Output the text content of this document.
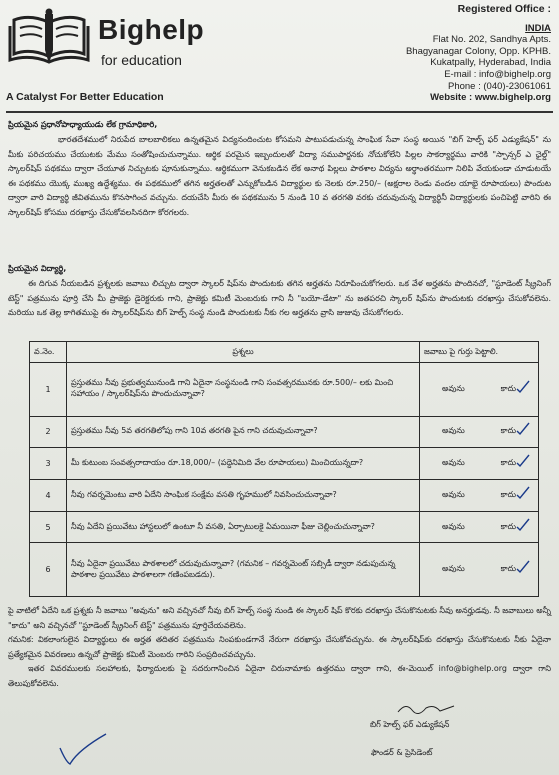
Bighelp
for education
A Catalyst For Better Education
Registered Office :
INDIA
Flat No. 202, Sandhya Apts.
Bhagyanagar Colony, Opp. KPHB.
Kukatpally, Hyderabad, India
E-mail : info@bighelp.org
Phone : (040)-23061061
Website : www.bighelp.org
ప్రియమైన ప్రధానోపాధ్యాయుడు లేక గ్రామాధికారి,
భారతదేశములో నిరుపేద బాలబాలికలు ఉన్నతమైన విద్యనందించుట కోసమని పాటుపడుచున్న సాంఘిక సేవా సంస్థ అయిన "బిగ్ హెల్ప్ ఫర్ ఎడ్యుకేషన్" ను మీకు పరిచయము చేయుటకు మేము సంతోషించుచున్నాము. ఆర్థిక పరమైన ఇబ్బందులతో విద్యా సముపార్జనకు నోచుకోలేని పిల్లల సాకర్యార్థము వారికి "స్పాన్సర్ ఎ ఛైల్డ్" స్కాలర్‌షిప్ పథకము ద్వారా చేయూత నిచ్చుటకు పూనుకున్నాము. ఆర్థికముగా వెనుకబడిన లేక అనాథ పిల్లలు పాఠశాల విద్యను అర్థాంతరముగా నిలిపి వేయకుండా చూడుటయే ఈ పథకము యొక్క ముఖ్య ఉద్దేశ్యము. ఈ పథకములో తగిన అర్హతలతో ఎన్నుకోబడిన విద్యార్థుల కు నెలకు రూ.250/– (అక్షరాల రెండు వందల యాభై రూపాయలు) పొందుట ద్వారా వారి విద్యార్థి జీవితమును కొనసాగించ వచ్చును. దయచేసి మీరు ఈ పథకమును 5 నుండి 10 వ తరగతి వరకు చదువుచున్న విద్యార్థినీ విద్యార్థులకు పంచిపెట్టి వారిని ఈ స్కాలర్‌షిప్ కోసము దరఖాస్తు చేసుకోవలసినదిగా కోరగలరు.
ప్రియమైన విద్యార్థి,
ఈ దిగువ నీయబడిన ప్రశ్నలకు జవాబు లిచ్చుట ద్వారా స్కాలర్ షిప్‌ను పొందుటకు తగిన అర్హతను నిరూపించుకోగలరు. ఒక వేళ అర్హతను పొందినచో, "స్టూడెంట్ స్క్రీనింగ్ టెస్ట్" పత్రమును పూర్తి చేసి మీ ప్రాజెక్టు డైరెక్టరుకు గాని, ప్రాజెక్టు కమిటీ మెంబరుకు గాని నీ "బయో-డేటా" ను జతపరచి స్కాలర్ షిప్‌ను పొందుటకు దరఖాస్తు చేసుకోవలెను. మరియు ఒక తెల్ల కాగితముపై ఈ స్కాలర్‌షిప్‌ను బిగ్ హెల్ప్ సంస్థ నుండి పొందుటకు నీకు గల అర్హతను వ్రాసి జుజువు చేసుకోగలరు.
వ.నెం.	ప్రశ్నలు	జవాబు పై గుర్తు పెట్టాలి.
1	ప్రస్తుతము నీవు ప్రభుత్వమునుండి గాని ఏదైనా సంస్థనుండి గాని సంవత్సరమునకు రూ.500/– లకు మించి సహాయం / స్కాలర్‌షిప్‌ను పొందుచున్నావా?	అవును కాదు

2	ప్రస్తుతము నీవు 5వ తరగతిలోపు గాని 10వ తరగతి పైన గాని చదువుచున్నావా?	అవును కాదు

3	మీ కుటుంబ సంవత్సరాదాయం రూ.18,000/– (పద్దెనిమిది వేల రూపాయలు) మించియున్నదా?	అవును కాదు

4	నీవు గవర్నమెంటు వారి ఏదేని సాంఘిక సంక్షేమ వసతి గృహములో నివసించుచున్నావా?	అవును కాదు

5	నీవు ఏదేని ప్రయివేటు హాస్టలులో ఉంటూ నీ వసతి, ఏర్పాటులకై ఏమయినా ఫీజు చెల్లించుచున్నావా?	అవును కాదు

6	నీవు ఏదైనా ప్రయివేటు పాఠశాలలో చదువుచున్నావా? (గమనిక – గవర్నమెంట్ సబ్సిడీ ద్వారా నడుపుచున్న పాఠశాల ప్రయివేటు పాఠశాలగా గణింపబడదు).	అవును కాదు
పై వాటిలో ఏదేని ఒక ప్రశ్నకు నీ జవాబు "అవును" అని వచ్చినచో నీవు బిగ్ హెల్ప్ సంస్థ నుండి ఈ స్కాలర్ షిప్ కొరకు దరఖాస్తు చేసుకొనుటకు నీవు అనర్హుడవు. నీ జవాబులు అన్నీ "కాదు" అని వచ్చినచో "స్టూడెంట్ స్క్రీనింగ్ టెస్ట్" పత్రమును పూర్తిచేయవలెను.
గమనిక: వికలాంగులైన విద్యార్థులు ఈ అర్హత తదితర పత్రమును నింపకుండగానే నేరుగా దరఖాస్తు చేసుకోవచ్చును. ఈ స్కాలర్‌షిప్‌కు దరఖాస్తు చేసుకొనుటకు నీకు ఏదైనా ప్రత్యేకమైన వివరణలు ఉన్నచో ప్రాజెక్టు కమిటీ మెంబరు గారిని సంప్రదించవచ్చును.
ఇతర వివరములకు సలహాలకు, ఫిర్యాదులకు పై సదరుగానించిన ఏదైనా చిరునామాకు ఉత్తరము ద్వారా గాని, ఈ-మెయిల్ info@bighelp.org ద్వారా గాని తెలుపుకోవలెను.
బిగ్ హెల్ప్ ఫర్ ఎడ్యుకేషన్
ఫౌండర్ & ప్రెసిడెంట్
